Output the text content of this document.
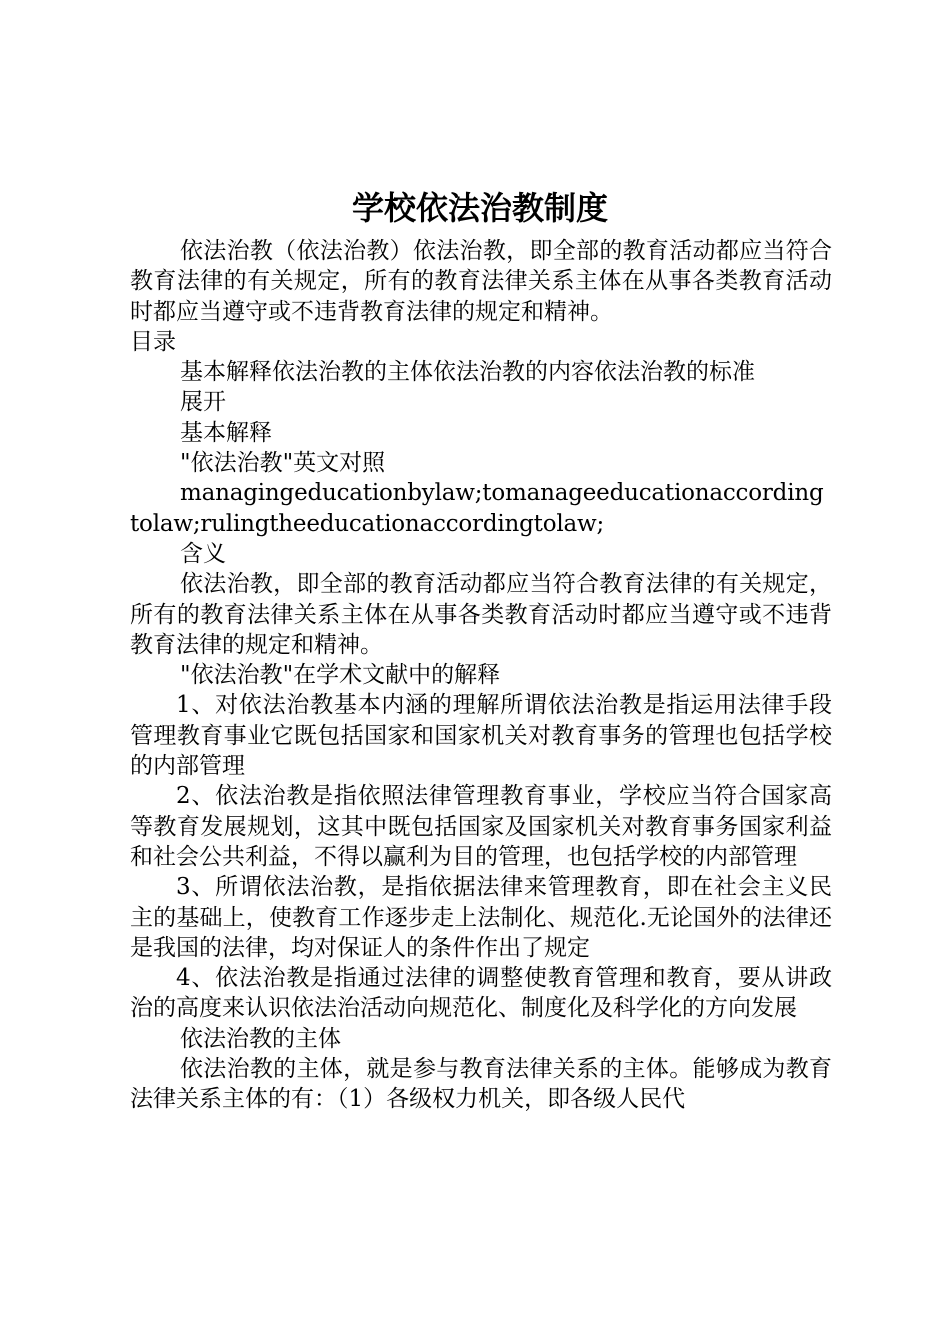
学校依法治教制度

依法治教（依法治教）依法治教，即全部的教育活动都应当符合教育法律的有关规定，所有的教育法律关系主体在从事各类教育活动时都应当遵守或不违背教育法律的规定和精神。

目录

基本解释依法治教的主体依法治教的内容依法治教的标准

展开

基本解释

"依法治教"英文对照

managingeducationbylaw;tomanageeducationaccordingtolaw;rulingtheeducationaccordingtolaw;

含义

依法治教，即全部的教育活动都应当符合教育法律的有关规定，所有的教育法律关系主体在从事各类教育活动时都应当遵守或不违背教育法律的规定和精神。

"依法治教"在学术文献中的解释

1、对依法治教基本内涵的理解所谓依法治教是指运用法律手段管理教育事业它既包括国家和国家机关对教育事务的管理也包括学校的内部管理

2、依法治教是指依照法律管理教育事业，学校应当符合国家高等教育发展规划，这其中既包括国家及国家机关对教育事务国家利益和社会公共利益，不得以赢利为目的管理，也包括学校的内部管理

3、所谓依法治教，是指依据法律来管理教育，即在社会主义民主的基础上，使教育工作逐步走上法制化、规范化.无论国外的法律还是我国的法律，均对保证人的条件作出了规定

4、依法治教是指通过法律的调整使教育管理和教育，要从讲政治的高度来认识依法治活动向规范化、制度化及科学化的方向发展

依法治教的主体

依法治教的主体，就是参与教育法律关系的主体。能够成为教育法律关系主体的有：（1）各级权力机关，即各级人民代
